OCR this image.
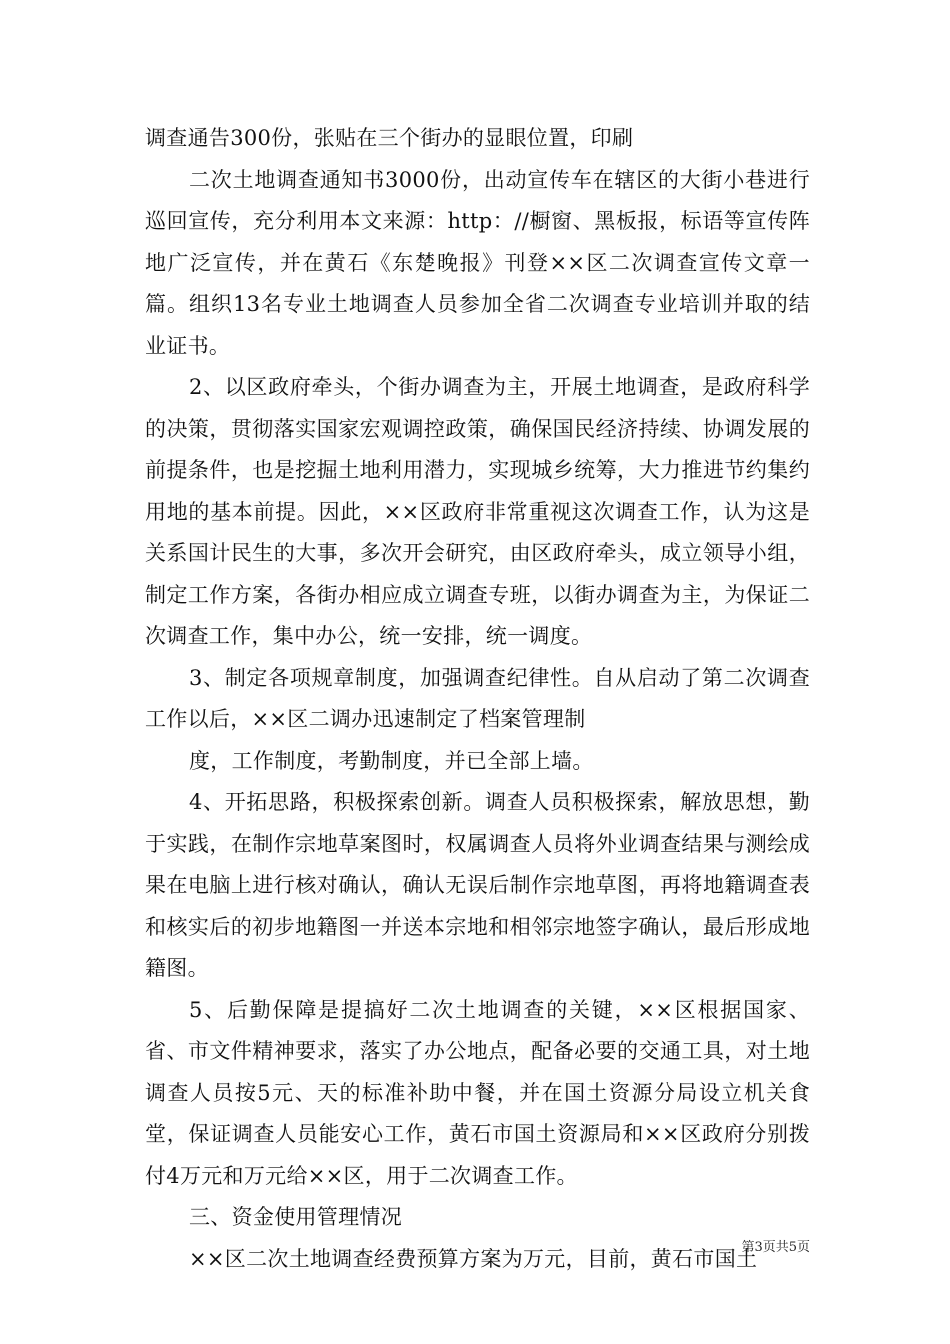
调查通告300份，张贴在三个街办的显眼位置，印刷

二次土地调查通知书3000份，出动宣传车在辖区的大街小巷进行巡回宣传，充分利用本文来源：http：//橱窗、黑板报，标语等宣传阵地广泛宣传，并在黄石《东楚晚报》刊登××区二次调查宣传文章一篇。组织13名专业土地调查人员参加全省二次调查专业培训并取的结业证书。

2、以区政府牵头，个街办调查为主，开展土地调查，是政府科学的决策，贯彻落实国家宏观调控政策，确保国民经济持续、协调发展的前提条件，也是挖掘土地利用潜力，实现城乡统筹，大力推进节约集约用地的基本前提。因此，××区政府非常重视这次调查工作，认为这是关系国计民生的大事，多次开会研究，由区政府牵头，成立领导小组，制定工作方案，各街办相应成立调查专班，以街办调查为主，为保证二次调查工作，集中办公，统一安排，统一调度。

3、制定各项规章制度，加强调查纪律性。自从启动了第二次调查工作以后，××区二调办迅速制定了档案管理制

度，工作制度，考勤制度，并已全部上墙。

4、开拓思路，积极探索创新。调查人员积极探索，解放思想，勤于实践，在制作宗地草案图时，权属调查人员将外业调查结果与测绘成果在电脑上进行核对确认，确认无误后制作宗地草图，再将地籍调查表和核实后的初步地籍图一并送本宗地和相邻宗地签字确认，最后形成地籍图。

5、后勤保障是提搞好二次土地调查的关键，××区根据国家、省、市文件精神要求，落实了办公地点，配备必要的交通工具，对土地调查人员按5元、天的标准补助中餐，并在国土资源分局设立机关食堂，保证调查人员能安心工作，黄石市国土资源局和××区政府分别拨付4万元和万元给××区，用于二次调查工作。

三、资金使用管理情况

××区二次土地调查经费预算方案为万元，目前，黄石市国土

第3页共5页
